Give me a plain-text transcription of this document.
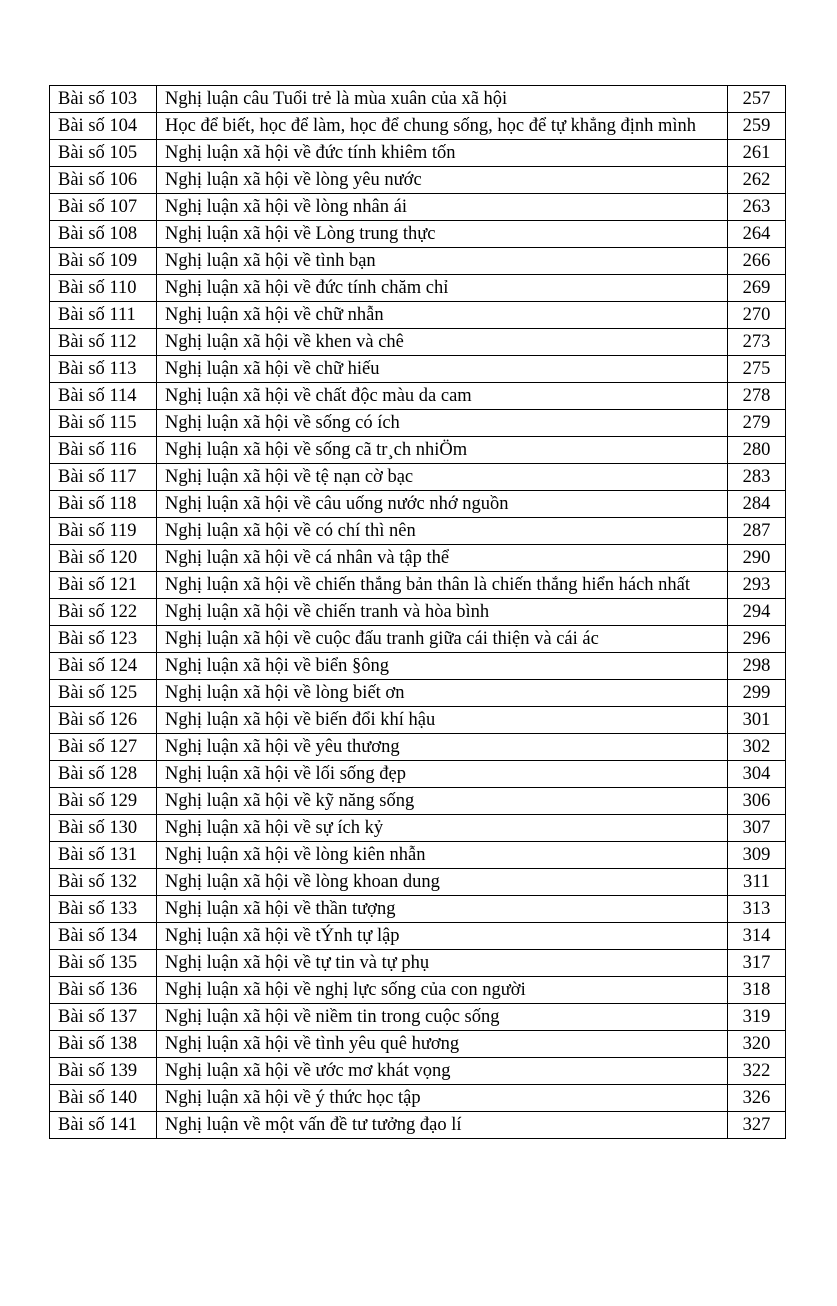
Bài số 103	Nghị luận câu Tuổi trẻ là mùa xuân của xã hội	257
Bài số 104	Học để biết, học để làm, học để chung sống, học để tự khẳng định mình	259
Bài số 105	Nghị luận xã hội về đức tính khiêm tốn	261
Bài số 106	Nghị luận xã hội về lòng yêu nước	262
Bài số 107	Nghị luận xã hội về lòng nhân ái	263
Bài số 108	Nghị luận xã hội về Lòng trung thực	264
Bài số 109	Nghị luận xã hội về tình bạn	266
Bài số 110	Nghị luận xã hội về đức tính chăm chỉ	269
Bài số 111	Nghị luận xã hội về chữ nhẫn	270
Bài số 112	Nghị luận xã hội về khen và chê	273
Bài số 113	Nghị luận xã hội về chữ hiếu	275
Bài số 114	Nghị luận xã hội về chất độc màu da cam	278
Bài số 115	Nghị luận xã hội về sống có ích	279
Bài số 116	Nghị luận xã hội về sống cã tr¸ch nhiÖm	280
Bài số 117	Nghị luận xã hội về tệ nạn cờ bạc	283
Bài số 118	Nghị luận xã hội về câu uống nước nhớ nguồn	284
Bài số 119	Nghị luận xã hội về có chí thì nên	287
Bài số 120	Nghị luận xã hội về cá nhân và tập thể	290
Bài số 121	Nghị luận xã hội về chiến thắng bản thân là chiến thắng hiển hách nhất	293
Bài số 122	Nghị luận xã hội về chiến tranh và hòa bình	294
Bài số 123	Nghị luận xã hội về cuộc đấu tranh giữa cái thiện và cái ác	296
Bài số 124	Nghị luận xã hội về biển §ông	298
Bài số 125	Nghị luận xã hội về lòng biết ơn	299
Bài số 126	Nghị luận xã hội về biến đổi khí hậu	301
Bài số 127	Nghị luận xã hội về yêu thương	302
Bài số 128	Nghị luận xã hội về lối sống đẹp	304
Bài số 129	Nghị luận xã hội về kỹ năng sống	306
Bài số 130	Nghị luận xã hội về sự ích kỷ	307
Bài số 131	Nghị luận xã hội về lòng kiên nhẫn	309
Bài số 132	Nghị luận xã hội về lòng khoan dung	311
Bài số 133	Nghị luận xã hội về thần tượng	313
Bài số 134	Nghị luận xã hội về tÝnh tự lập	314
Bài số 135	Nghị luận xã hội về tự tin và tự phụ	317
Bài số 136	Nghị luận xã hội về nghị lực sống của con người	318
Bài số 137	Nghị luận xã hội về niềm tin trong cuộc sống	319
Bài số 138	Nghị luận xã hội về tình yêu quê hương	320
Bài số 139	Nghị luận xã hội về ước mơ khát vọng	322
Bài số 140	Nghị luận xã hội về ý thức học tập	326
Bài số 141	Nghị luận về một vấn đề tư tưởng đạo lí	327
